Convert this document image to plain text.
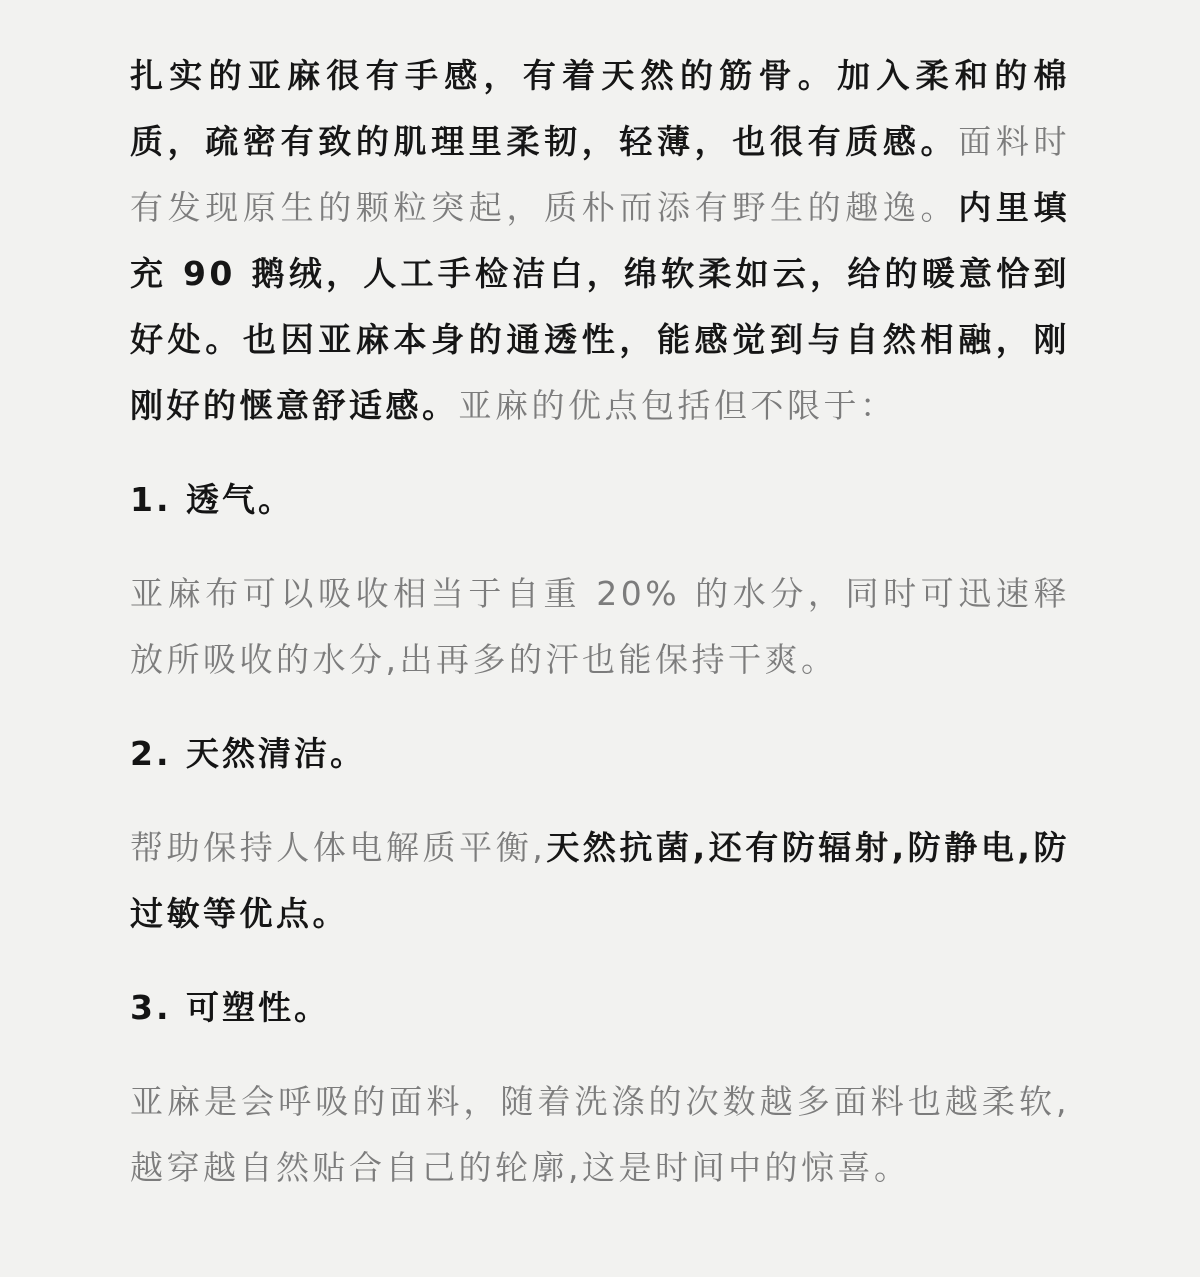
扎实的亚麻很有手感，有着天然的筋骨。加入柔和的棉质，疏密有致的肌理里柔韧，轻薄，也很有质感。面料时有发现原生的颗粒突起，质朴而添有野生的趣逸。内里填充 90 鹅绒，人工手检洁白，绵软柔如云，给的暖意恰到好处。也因亚麻本身的通透性，能感觉到与自然相融，刚刚好的惬意舒适感。亚麻的优点包括但不限于：

1. 透气。

亚麻布可以吸收相当于自重 20% 的水分，同时可迅速释放所吸收的水分,出再多的汗也能保持干爽。

2. 天然清洁。

帮助保持人体电解质平衡,天然抗菌,还有防辐射,防静电,防过敏等优点。

3. 可塑性。

亚麻是会呼吸的面料，随着洗涤的次数越多面料也越柔软,越穿越自然贴合自己的轮廓,这是时间中的惊喜。
